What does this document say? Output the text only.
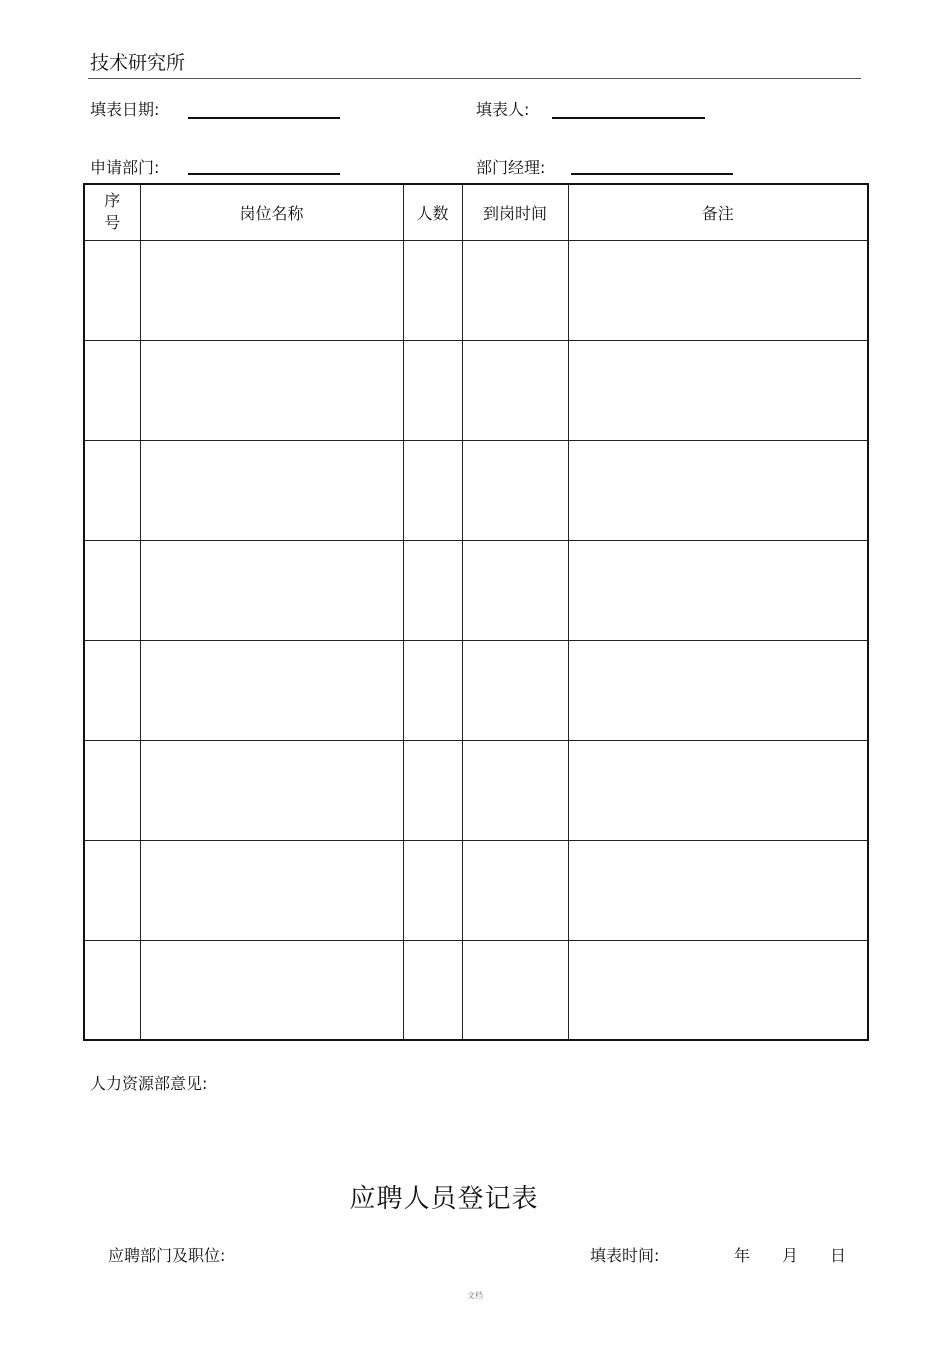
技术研究所
填表日期:	填表人:
申请部门:	部门经理:
序
号	岗位名称	人数	到岗时间	备注

人力资源部意见:
应聘人员登记表
应聘部门及职位:	填表时间:	年 月 日
文档
